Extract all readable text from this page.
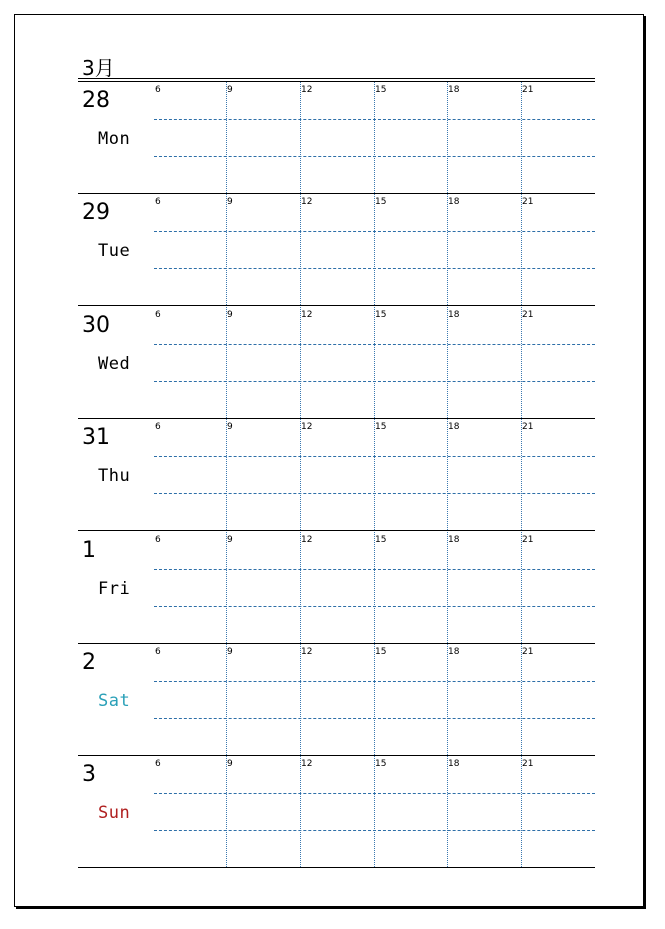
3月
28
Mon
6	9	12	15	18	21
29
Tue
6	9	12	15	18	21
30
Wed
6	9	12	15	18	21
31
Thu
6	9	12	15	18	21
1
Fri
6	9	12	15	18	21
2
Sat
6	9	12	15	18	21
3
Sun
6	9	12	15	18	21
